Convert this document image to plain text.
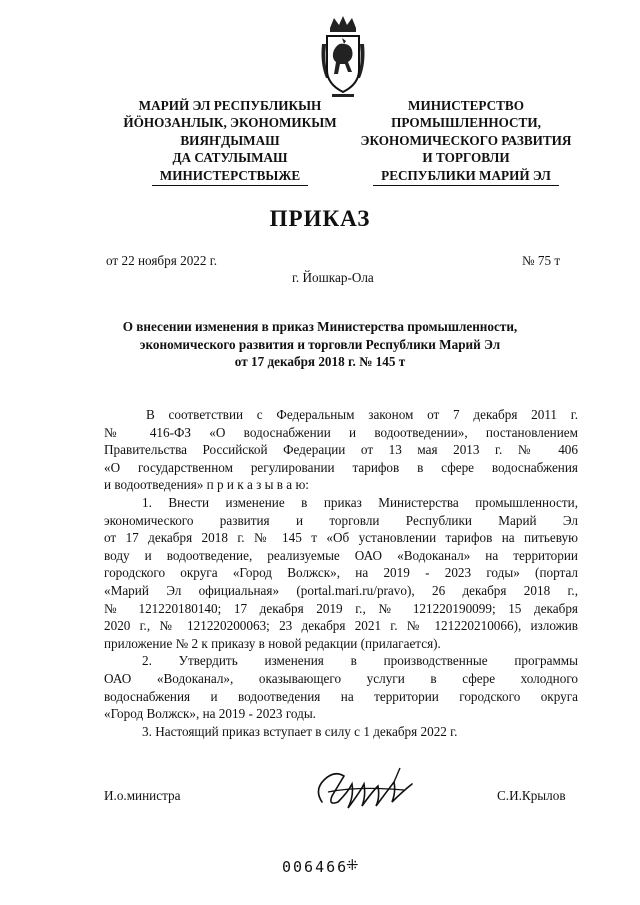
МАРИЙ ЭЛ РЕСПУБЛИКЫН
ЙӦНОЗАНЛЫК, ЭКОНОМИКЫМ
ВИЯҤДЫМАШ
ДА САТУЛЫМАШ
МИНИСТЕРСТВЫЖЕ
МИНИСТЕРСТВО
ПРОМЫШЛЕННОСТИ,
ЭКОНОМИЧЕСКОГО РАЗВИТИЯ
И ТОРГОВЛИ
РЕСПУБЛИКИ МАРИЙ ЭЛ
ПРИКАЗ
от 22 ноября 2022 г.	№ 75 т
г. Йошкар-Ола
О внесении изменения в приказ Министерства промышленности,
экономического развития и торговли Республики Марий Эл
от 17 декабря 2018 г. № 145 т
В соответствии с Федеральным законом от 7 декабря 2011 г.
№ 416-ФЗ «О водоснабжении и водоотведении», постановлением
Правительства Российской Федерации от 13 мая 2013 г. № 406
«О государственном регулировании тарифов в сфере водоснабжения
и водоотведения» п р и к а з ы в а ю:
1. Внести изменение в приказ Министерства промышленности,
экономического развития и торговли Республики Марий Эл
от 17 декабря 2018 г. № 145 т «Об установлении тарифов на питьевую
воду и водоотведение, реализуемые ОАО «Водоканал» на территории
городского округа «Город Волжск», на 2019 - 2023 годы» (портал
«Марий Эл официальная» (portal.mari.ru/pravo), 26 декабря 2018 г.,
№ 121220180140; 17 декабря 2019 г., № 121220190099; 15 декабря
2020 г., № 121220200063; 23 декабря 2021 г. № 121220210066), изложив
приложение № 2 к приказу в новой редакции (прилагается).
2. Утвердить изменения в производственные программы
ОАО «Водоканал», оказывающего услуги в сфере холодного
водоснабжения и водоотведения на территории городского округа
«Город Волжск», на 2019 - 2023 годы.
3. Настоящий приказ вступает в силу с 1 декабря 2022 г.
И.о.министра	С.И.Крылов
006466
⁜
